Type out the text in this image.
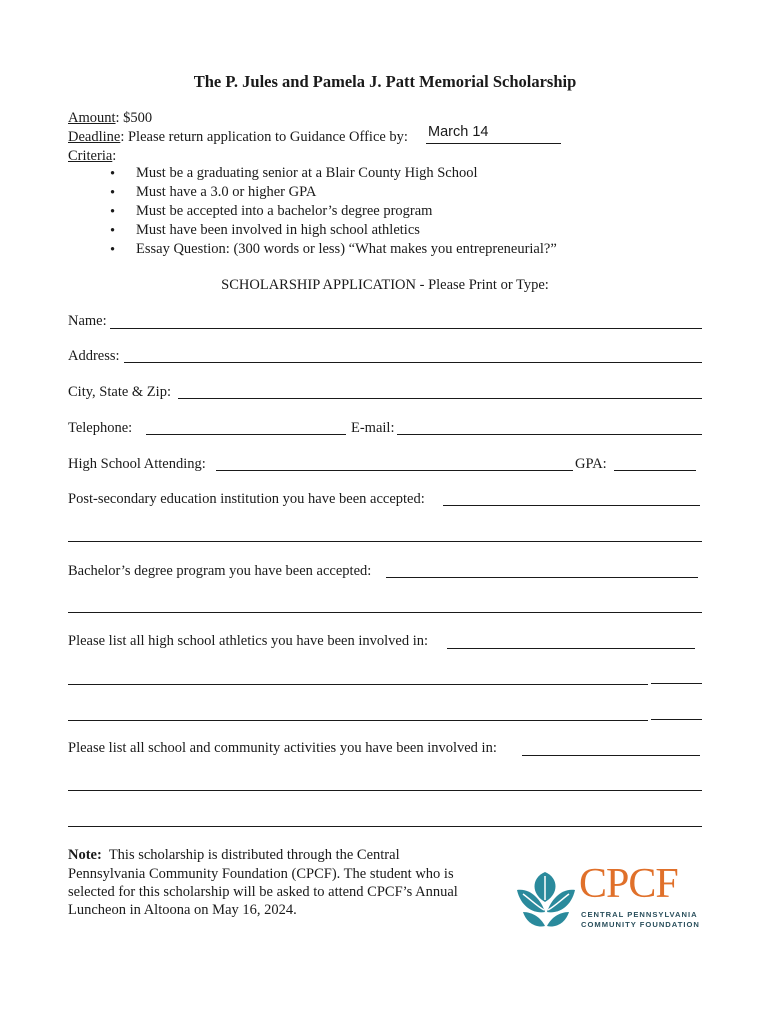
The P. Jules and Pamela J. Patt Memorial Scholarship
Amount: $500
Deadline: Please return application to Guidance Office by: March 14
Criteria:
• Must be a graduating senior at a Blair County High School
• Must have a 3.0 or higher GPA
• Must be accepted into a bachelor’s degree program
• Must have been involved in high school athletics
• Essay Question: (300 words or less) “What makes you entrepreneurial?”
SCHOLARSHIP APPLICATION - Please Print or Type:
Name:
Address:
City, State & Zip:
Telephone:	E-mail:
High School Attending:	GPA:
Post-secondary education institution you have been accepted:
Bachelor’s degree program you have been accepted:
Please list all high school athletics you have been involved in:
Please list all school and community activities you have been involved in:
Note: This scholarship is distributed through the Central
Pennsylvania Community Foundation (CPCF). The student who is
selected for this scholarship will be asked to attend CPCF’s Annual
Luncheon in Altoona on May 16, 2024.
CPCF
CENTRAL PENNSYLVANIA
COMMUNITY FOUNDATION
